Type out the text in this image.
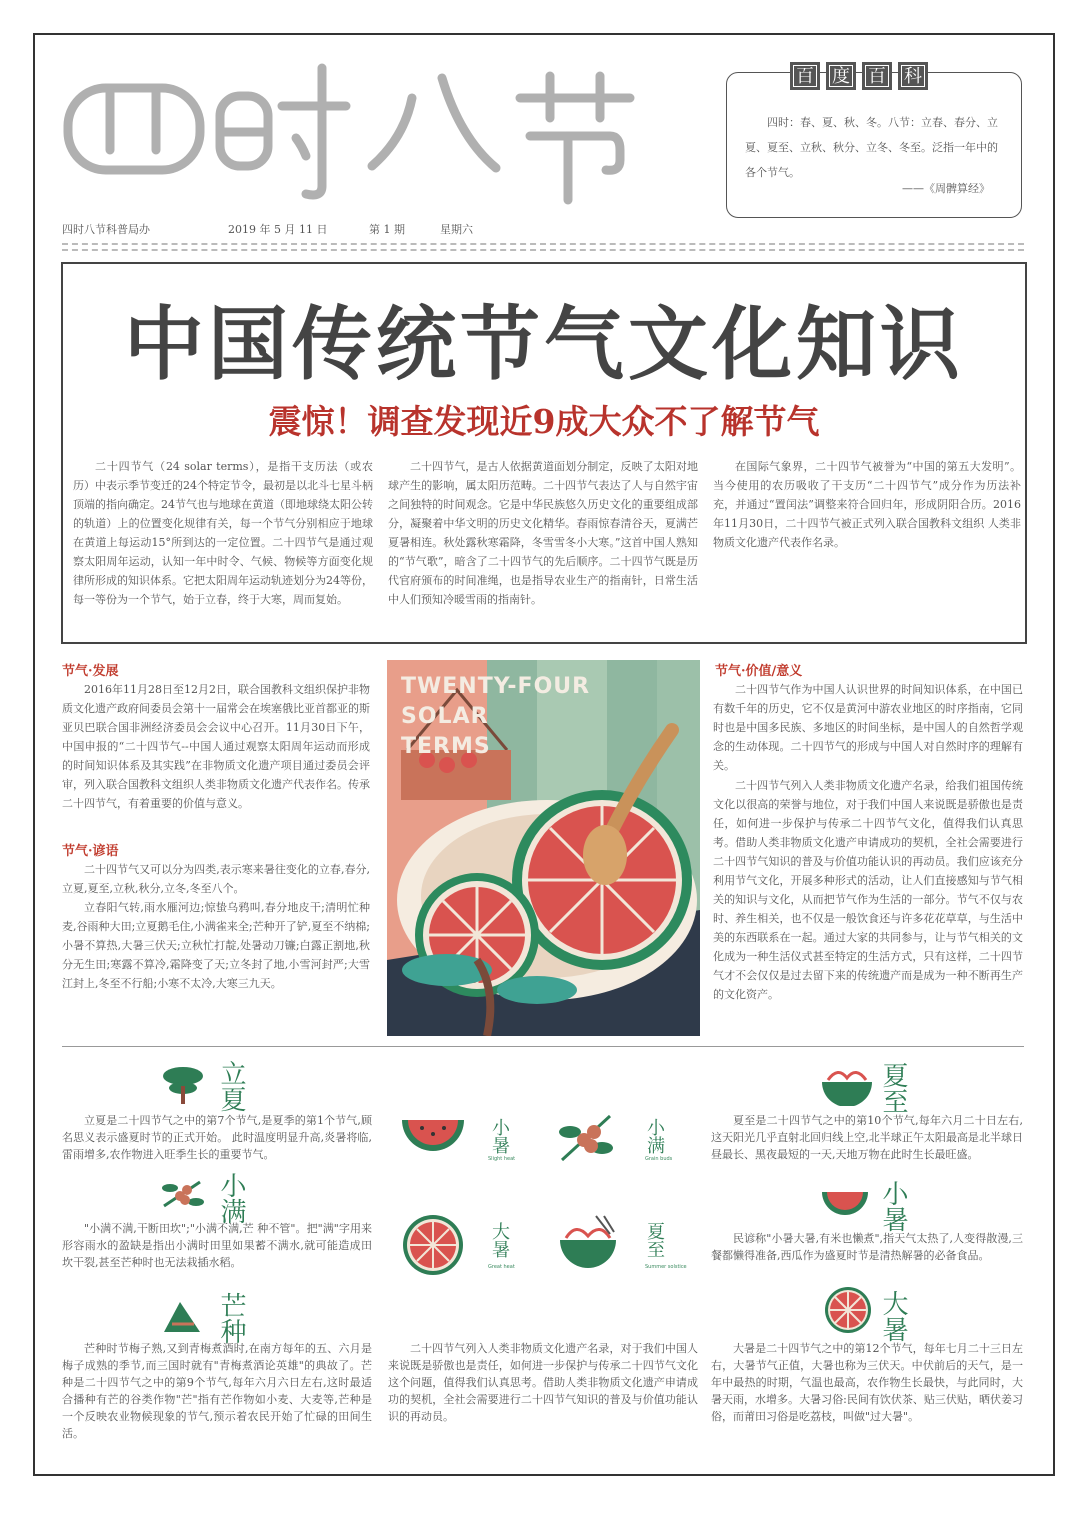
四时八节科普局办	2019 年 5 月 11 日	第 1 期	星期六
百	度	百	科
四时：春、夏、秋、冬。八节：立春、春分、立夏、夏至、立秋、秋分、立冬、冬至。泛指一年中的各个节气。
——《周髀算经》
中国传统节气文化知识
震惊！调查发现近9成大众不了解节气
二十四节气（24 solar terms），是指干支历法（或农历）中表示季节变迁的24个特定节令，最初是以北斗七星斗柄顶端的指向确定。24节气也与地球在黄道（即地球绕太阳公转的轨道）上的位置变化规律有关，每一个节气分别相应于地球在黄道上每运动15°所到达的一定位置。二十四节气是通过观察太阳周年运动，认知一年中时令、气候、物候等方面变化规律所形成的知识体系。它把太阳周年运动轨迹划分为24等份，每一等份为一个节气，始于立春，终于大寒，周而复始。
二十四节气，是古人依据黄道面划分制定，反映了太阳对地球产生的影响，属太阳历范畴。二十四节气表达了人与自然宇宙之间独特的时间观念。它是中华民族悠久历史文化的重要组成部分，凝聚着中华文明的历史文化精华。春雨惊春清谷天，夏满芒夏暑相连。秋处露秋寒霜降，冬雪雪冬小大寒。”这首中国人熟知的“节气歌”，暗含了二十四节气的先后顺序。二十四节气既是历代官府颁布的时间准绳，也是指导农业生产的指南针，日常生活中人们预知冷暖雪雨的指南针。
在国际气象界，二十四节气被誉为“中国的第五大发明”。当今使用的农历吸收了干支历“二十四节气”成分作为历法补充，并通过“置闰法”调整来符合回归年，形成阴阳合历。2016年11月30日，二十四节气被正式列入联合国教科文组织 人类非物质文化遗产代表作名录。
节气·发展
2016年11月28日至12月2日，联合国教科文组织保护非物质文化遗产政府间委员会第十一届常会在埃塞俄比亚首都亚的斯亚贝巴联合国非洲经济委员会会议中心召开。11月30日下午，中国申报的“二十四节气--中国人通过观察太阳周年运动而形成的时间知识体系及其实践”在非物质文化遗产项目通过委员会评审，列入联合国教科文组织人类非物质文化遗产代表作名。传承二十四节气，有着重要的价值与意义。
节气·谚语
二十四节气又可以分为四类,表示寒来暑往变化的立春,春分,立夏,夏至,立秋,秋分,立冬,冬至八个。
立春阳气转,雨水雁河边;惊蛰乌鸦叫,春分地皮干;清明忙种麦,谷雨种大田;立夏鹅毛住,小满雀来全;芒种开了铲,夏至不纳棉;小暑不算热,大暑三伏天;立秋忙打靛,处暑动刀镰;白露正割地,秋分无生田;寒露不算冷,霜降变了天;立冬封了地,小雪河封严;大雪江封上,冬至不行船;小寒不太冷,大寒三九天。
TWENTY-FOUR
SOLAR
TERMS
节气·价值/意义
二十四节气作为中国人认识世界的时间知识体系，在中国已有数千年的历史，它不仅是黄河中游农业地区的时序指南，它同时也是中国多民族、多地区的时间坐标，是中国人的自然哲学观念的生动体现。二十四节气的形成与中国人对自然时序的理解有关。
二十四节气列入人类非物质文化遗产名录，给我们祖国传统文化以很高的荣誉与地位，对于我们中国人来说既是骄傲也是责任，如何进一步保护与传承二十四节气文化，值得我们认真思考。借助人类非物质文化遗产申请成功的契机，全社会需要进行二十四节气知识的普及与价值功能认识的再动员。我们应该充分利用节气文化，开展多种形式的活动，让人们直接感知与节气相关的知识与文化，从而把节气作为生活的一部分。节气不仅与农时、养生相关，也不仅是一般饮食还与许多花花草草，与生活中美的东西联系在一起。通过大家的共同参与，让与节气相关的文化成为一种生活仪式甚至特定的生活方式，只有这样，二十四节气才不会仅仅是过去留下来的传统遗产而是成为一种不断再生产的文化资产。
立夏
立夏是二十四节气之中的第7个节气,是夏季的第1个节气,顾名思义表示盛夏时节的正式开始。 此时温度明显升高,炎暑将临,雷雨增多,农作物进入旺季生长的重要节气。
小满
"小满不满,干断田坎";"小满不满,芒 种不管"。把"满"字用来形容雨水的盈缺是指出小满时田里如果蓄不满水,就可能造成田坎干裂,甚至芒种时也无法栽插水稻。
芒种
芒种时节梅子熟,又到青梅煮酒时,在南方每年的五、六月是梅子成熟的季节,而三国时就有"青梅煮酒论英雄"的典故了。芒种是二十四节气之中的第9个节气,每年六月六日左右,这时最适合播种有芒的谷类作物"芒"指有芒作物如小麦、大麦等,芒种是一个反映农业物候现象的节气,预示着农民开始了忙碌的田间生活。
小暑
Slight heat
小满
Grain buds
大暑
Great heat
夏至
Summer solstice
二十四节气列入人类非物质文化遗产名录，对于我们中国人来说既是骄傲也是责任，如何进一步保护与传承二十四节气文化这个问题，值得我们认真思考。借助人类非物质文化遗产申请成功的契机，全社会需要进行二十四节气知识的普及与价值功能认识的再动员。
夏至
夏至是二十四节气之中的第10个节气,每年六月二十日左右,这天阳光几乎直射北回归线上空,北半球正午太阳最高是北半球日昼最长、黑夜最短的一天,天地万物在此时生长最旺盛。
小暑
民谚称"小暑大暑,有米也懒煮",指天气太热了,人变得散漫,三餐都懒得准备,西瓜作为盛夏时节是清热解暑的必备食品。
大暑
大暑是二十四节气之中的第12个节气，每年七月二十三日左右，大暑节气正值，大暑也称为三伏天。中伏前后的天气，是一年中最热的时期，气温也最高，农作物生长最快，与此同时，大暑天雨，水增多。大暑习俗:民间有饮伏茶、贴三伏贴，晒伏姜习俗，而莆田习俗是吃荔枝，叫做"过大暑"。
